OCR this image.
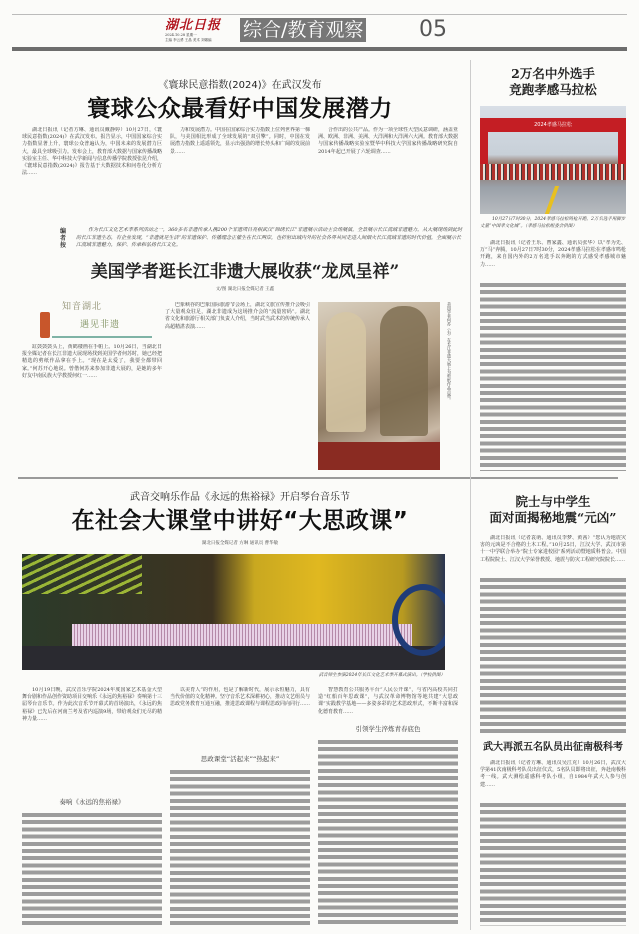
湖北日报
2024.10.28 星期一
主编 李云勇 王晶 美术 刘娜编	综合/教育观察	05
《寰球民意指数(2024)》在武汉发布
寰球公众最看好中国发展潜力
湖北日报讯（记者方琳、通讯员戴静婷）10月27日，《寰球民意指数(2024)》在武汉发布。报告显示，中国国家综合实力指数显著上升，寰球公众普遍认为，中国未来的发展潜力巨大，最具全球吸引力。发布会上，教育部大数据与国家传播战略实验室主任、华中科技大学新闻与信息传播学院教授张昆介绍，《寰球民意指数(2024)》报告基于大数据技术和问卷化分析方法……
力和发展潜力。中国在国家综合实力指数上位列世界第一梯队，与美国相比形成了全球发展的“双引擎”。同时，中国在发展潜力指数上遥遥领先，显示出强劲的增长势头和广阔的发展前景……
合作出的公共产品。作为一项全球性大型民意调研，涵盖亚洲、欧洲、非洲、美洲、大洋洲和大洋洲六大洲。教育部大数据与国家传播战略实验室暨华中科技大学国家传播战略研究院自2014年起已开展了六轮调查……
编者按
作为长江文化艺术季系列活动之一，360多名非遗传承人携200个非遗项目亮相武汉“锦绣长江”非遗展示活动主会场展演，全景展示长江流域非遗魅力。从大展现场到此时的长江非遗生态，有企业发现，“非遗就是生活”的非遗保护、传播理念正催生在长江两岸，也折射出域内外的社会各界共同走进人间烟火长江流域非遗的时代价值，全面展示长江流域非遗魅力，保护、传承和弘扬长江文化。
美国学者逛长江非遗大展收获“龙凤呈祥”
文/图 湖北日报全媒记者 王鑫
知音湖北
遇见非遗
缸鼓鼓鼓头上，黄鹤楼画在手帕上。10月26日，当湖北日报全媒记者在长江非遗大展现场找到美国学者何苏时，她已经把精选的剪纸作品拿在手上。“现在是太爱了，我要全都带回家。”何苏开心地说。曾偕何苏来参加非遗大展的，是她的多年好友中南民族大学教授何红一……
巴象峡谷的巴象国际旅游节会场上，湖北文旅宣传推介会吸引了大量观众驻足，湖北非遗成为这场推介会的“流量密码”。湖北省文化和旅游厅相关部门负责人介绍，当时武当武术的传统传承人高超精湛表演……	美国学者何苏（右）在长江非遗大展上为剪纸作品点赞。
武音交响乐作品《永远的焦裕禄》开启琴台音乐节
在社会大课堂中讲好“大思政课”
湖北日报全媒记者 方琳 通讯员 曹华敏
武音师生参演2024年长江文化艺术季开幕式演出。（学校供图）
10月19日晚，武汉音乐学院2024年度国家艺术基金大型舞台剧和作品创作资助项目交响乐《永远的焦裕禄》奏响第十三届琴台音乐节。作为此次音乐节开幕式的首场演出，《永远的焦裕禄》已先后在河南兰考及省内巡演9场，带给观众们无尽的精神力量……
奏响《永远的焦裕禄》
以美育人”的作用，也是了解新时代，展示永恒魅力，具有当代价值的文化精神。坚守音乐艺术深耕初心，推动文艺组员与思政党务教育互通互融，推进思政课程与课程思政同向同行……
思政课堂“活起来”“热起来”
智慧教育公共服务平台“人民公开课”，与省内高校共同打造“红船百年思政课”，与武汉革命博物馆等地共建“大思政课”实践教学基地——多姿多彩的艺术思政形式，不断丰富和深化德育教育……
引领学生淬炼青春底色
2万名中外选手
竞跑孝感马拉松
2024孝感马拉松
10月27日7时30分，2024孝感马拉松鸣枪开跑，2万名选手用脚步丈量“中国孝文化城”。（孝感马拉松组委会供图）
湖北日报讯（记者王乐、曹家鑫、通讯员张华）以“孝为先、万”马“奔腾，10月27日7时30分，2024孝感马拉松在孝感市鸣枪开跑，来自国内外的2万名选手以奔跑的方式感受孝感城市魅力……
院士与中学生
面对面揭秘地震“元凶”
湖北日报讯（记者袁萌、通讯员李梦、黄茜）“您认为地震灾害的元凶是不合格的土木工程。”10月25日，江汉大学、武汉市第十一中学联合举办“院士专家进校园”系列活动暨地质科普会。中国工程院院士、江汉大学荣誉教授、地震与防灾工程研究院院长……
武大再派五名队员出征南极科考
湖北日报讯（记者方琳、通讯员吴江克）10月26日，武汉大学第41次南极科考队员出征仪式，5名队员即将出征，奔赴南极科考一线。武大测绘遥感科考队小组，自1984年武大人参与创建……
